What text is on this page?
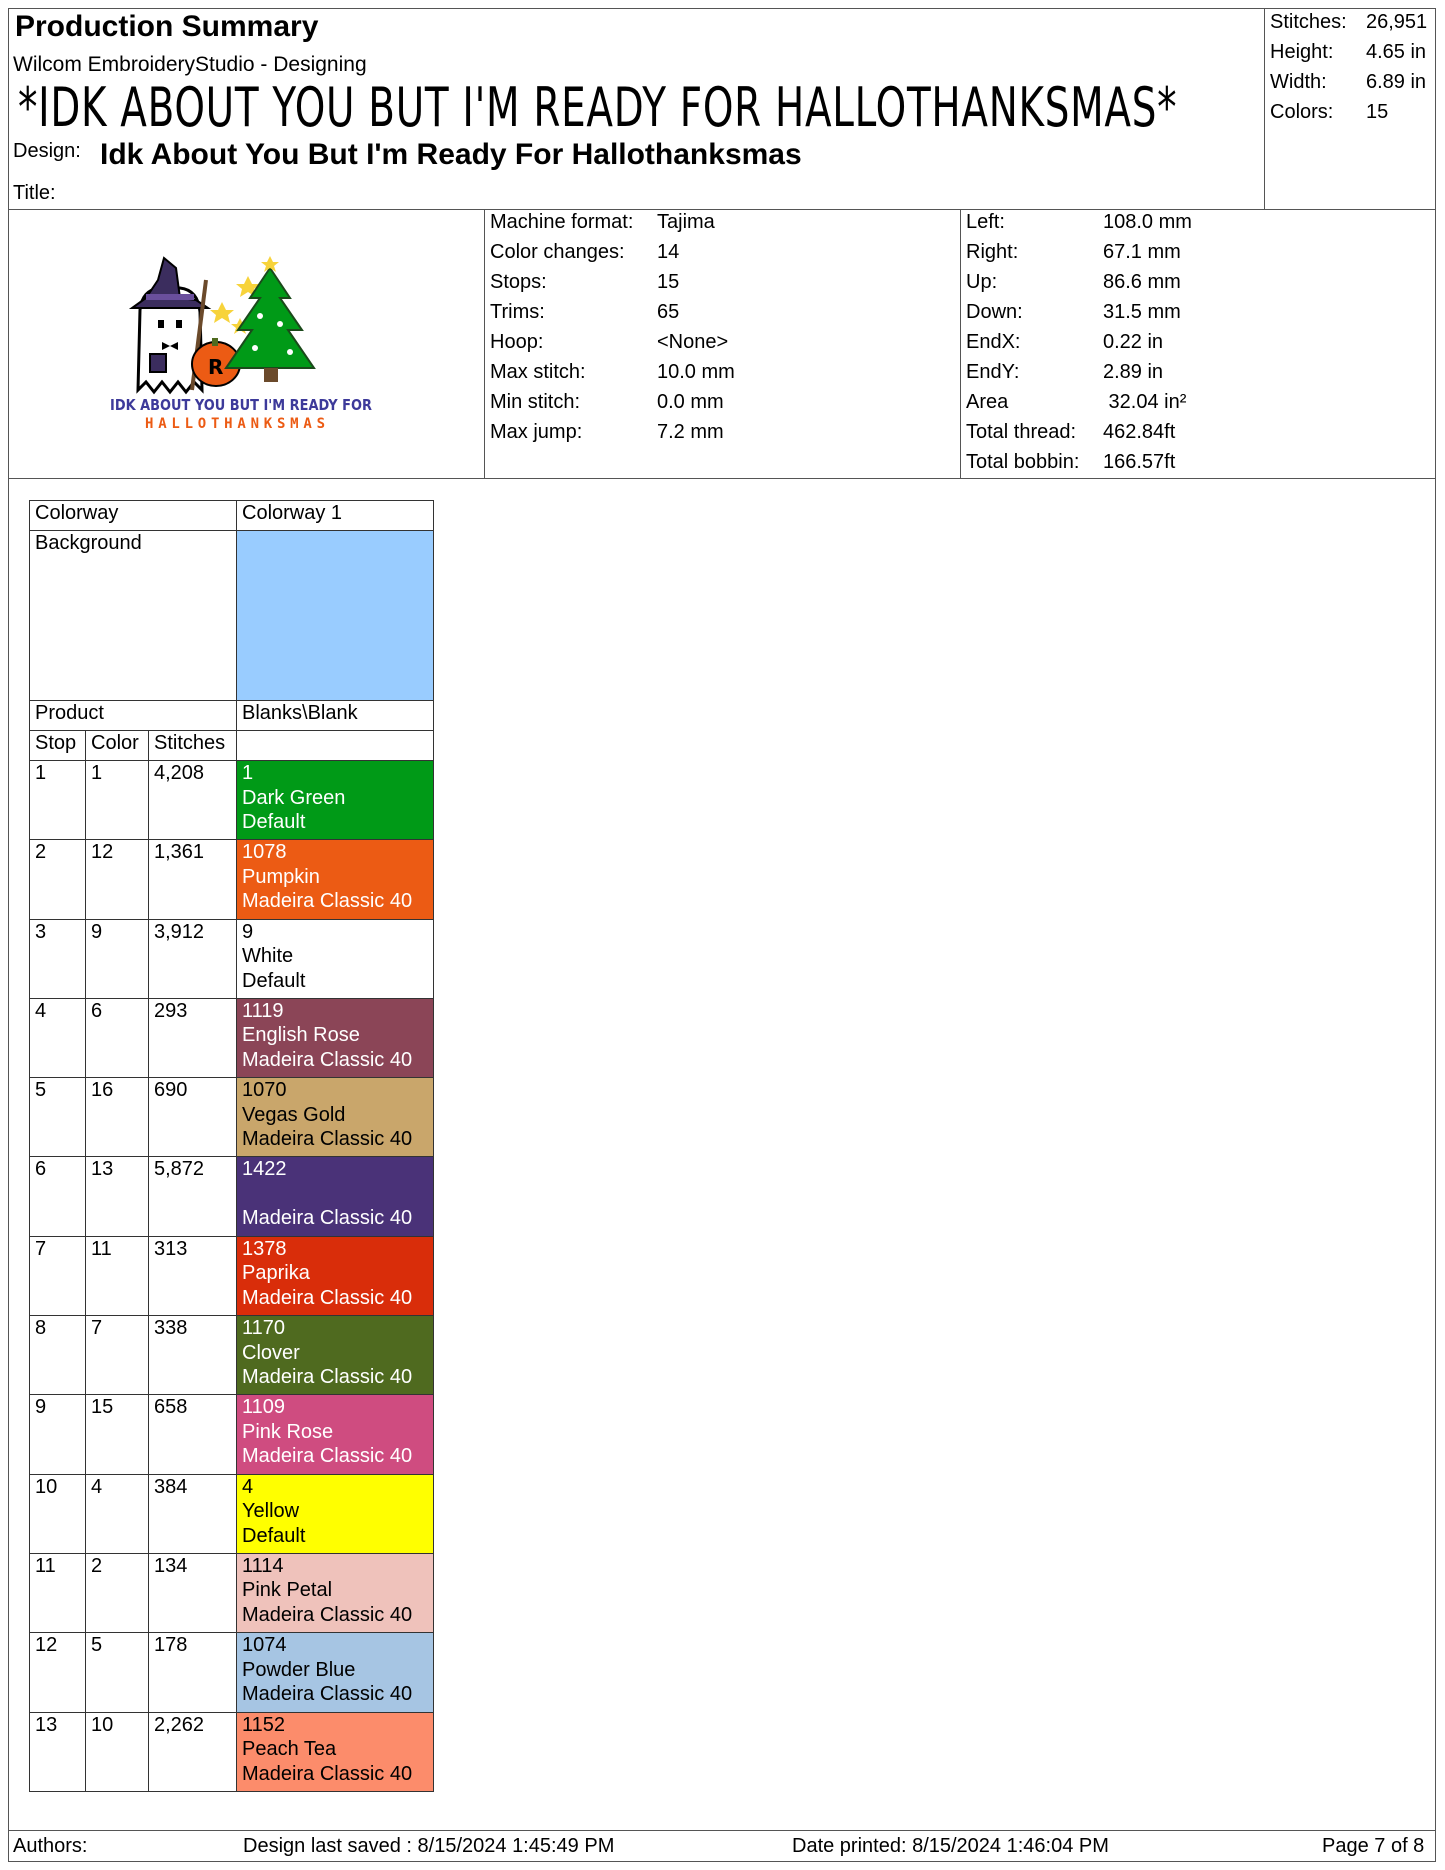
Production Summary
Wilcom EmbroideryStudio - Designing
*IDK ABOUT YOU BUT I'M READY FOR HALLOTHANKSMAS*
Design: Idk About You But I'm Ready For Hallothanksmas
Title:
Stitches: 26,951
Height: 4.65 in
Width: 6.89 in
Colors: 15
R
IDK ABOUT YOU BUT I'M READY FOR
HALLOTHANKSMAS
Machine format: Tajima
Color changes: 14
Stops:	15
Trims:	65
Hoop:	<None>
Max stitch:	10.0 mm
Min stitch:	0.0 mm
Max jump:	7.2 mm
Left:	108.0 mm
Right:	67.1 mm
Up:	86.6 mm
Down:	31.5 mm
EndX:	0.22 in
EndY:	2.89 in
Area	32.04 in²
Total thread: 462.84ft
Total bobbin: 166.57ft
Colorway			Colorway 1
Background			
Product			Blanks\Blank
Stop	Color	Stitches	
1	1	4,208	1
Dark Green
Default

2	12	1,361	1078
Pumpkin
Madeira Classic 40

3	9	3,912	9
White
Default

4	6	293	1119
English Rose
Madeira Classic 40

5	16	690	1070
Vegas Gold
Madeira Classic 40

6	13	5,872	1422
Madeira Classic 40

7	11	313	1378
Paprika
Madeira Classic 40

8	7	338	1170
Clover
Madeira Classic 40

9	15	658	1109
Pink Rose
Madeira Classic 40

10	4	384	4
Yellow
Default

11	2	134	1114
Pink Petal
Madeira Classic 40

12	5	178	1074
Powder Blue
Madeira Classic 40

13	10	2,262	1152
Peach Tea
Madeira Classic 40
Authors:	Design last saved : 8/15/2024 1:45:49 PM	Date printed: 8/15/2024 1:46:04 PM	Page 7 of 8
